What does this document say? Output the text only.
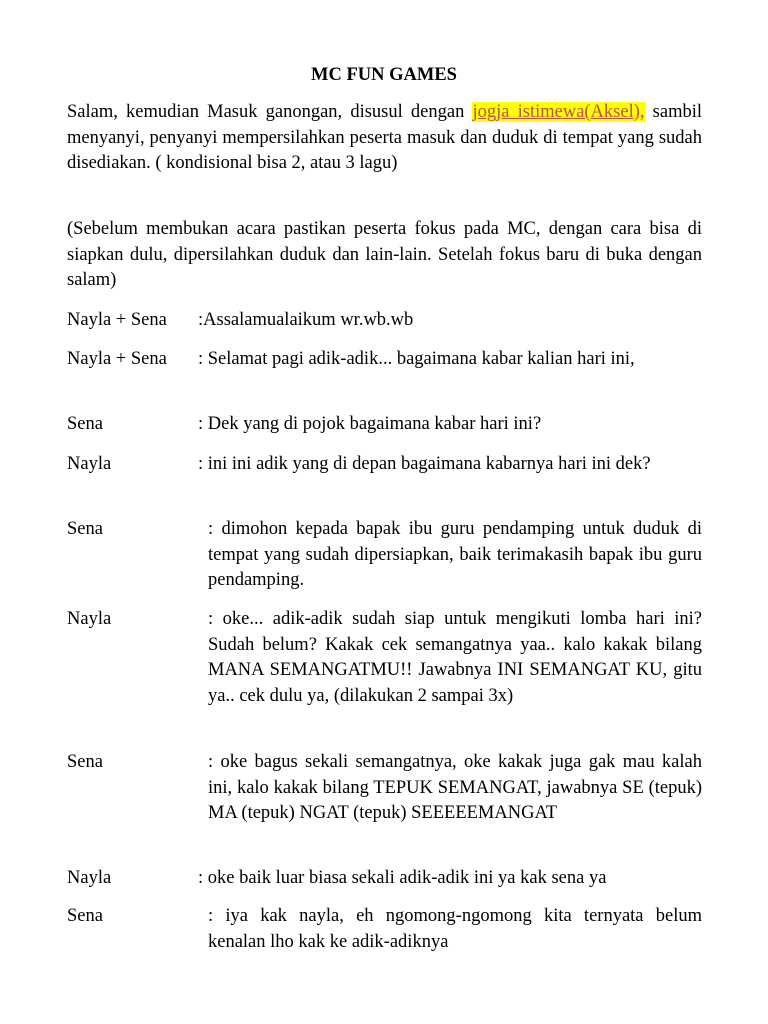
MC FUN GAMES
Salam, kemudian Masuk ganongan, disusul dengan jogja istimewa(Aksel), sambil menyanyi, penyanyi mempersilahkan peserta masuk dan duduk di tempat yang sudah disediakan. ( kondisional bisa 2, atau 3 lagu)
(Sebelum membukan acara pastikan peserta fokus pada MC, dengan cara bisa di siapkan dulu, dipersilahkan duduk dan lain-lain. Setelah fokus baru di buka dengan salam)
Nayla + Sena :Assalamualaikum wr.wb.wb
Nayla + Sena	: Selamat pagi adik-adik... bagaimana kabar kalian hari ini,
Sena	: Dek yang di pojok bagaimana kabar hari ini?
Nayla	: ini ini adik yang di depan bagaimana kabarnya hari ini dek?
Sena	: dimohon kepada bapak ibu guru pendamping untuk duduk di tempat yang sudah dipersiapkan, baik terimakasih bapak ibu guru pendamping.
Nayla	: oke... adik-adik sudah siap untuk mengikuti lomba hari ini? Sudah belum? Kakak cek semangatnya yaa.. kalo kakak bilang MANA SEMANGATMU!! Jawabnya INI SEMANGAT KU, gitu ya.. cek dulu ya, (dilakukan 2 sampai 3x)
Sena	: oke bagus sekali semangatnya, oke kakak juga gak mau kalah ini, kalo kakak bilang TEPUK SEMANGAT, jawabnya SE (tepuk) MA (tepuk) NGAT (tepuk) SEEEEEMANGAT
Nayla	: oke baik luar biasa sekali adik-adik ini ya kak sena ya
Sena	: iya kak nayla, eh ngomong-ngomong kita ternyata belum kenalan lho kak ke adik-adiknya
